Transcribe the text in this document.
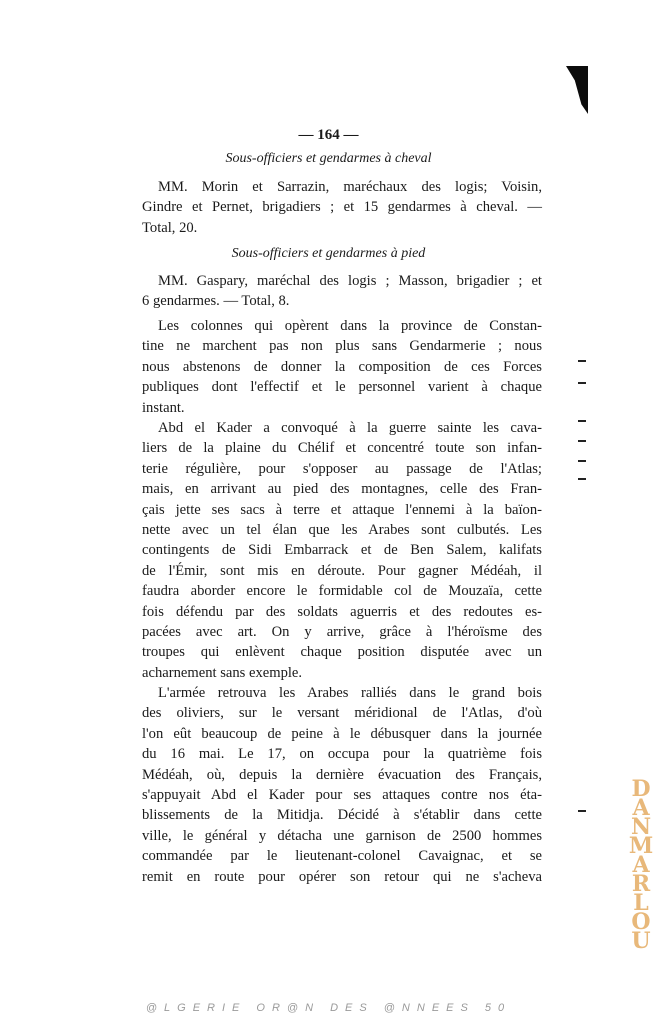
— 164 —
Sous-officiers et gendarmes à cheval
MM. Morin et Sarrazin, maréchaux des logis; Voisin,
Gindre et Pernet, brigadiers ; et 15 gendarmes à cheval. —
Total, 20.
Sous-officiers et gendarmes à pied
MM. Gaspary, maréchal des logis ; Masson, brigadier ; et
6 gendarmes. — Total, 8.
Les colonnes qui opèrent dans la province de Constan-
tine ne marchent pas non plus sans Gendarmerie ; nous
nous abstenons de donner la composition de ces Forces
publiques dont l'effectif et le personnel varient à chaque
instant.
Abd el Kader a convoqué à la guerre sainte les cava-
liers de la plaine du Chélif et concentré toute son infan-
terie régulière, pour s'opposer au passage de l'Atlas;
mais, en arrivant au pied des montagnes, celle des Fran-
çais jette ses sacs à terre et attaque l'ennemi à la baïon-
nette avec un tel élan que les Arabes sont culbutés. Les
contingents de Sidi Embarrack et de Ben Salem, kalifats
de l'Émir, sont mis en déroute. Pour gagner Médéah, il
faudra aborder encore le formidable col de Mouzaïa, cette
fois défendu par des soldats aguerris et des redoutes es-
pacées avec art. On y arrive, grâce à l'héroïsme des
troupes qui enlèvent chaque position disputée avec un
acharnement sans exemple.
L'armée retrouva les Arabes ralliés dans le grand bois
des oliviers, sur le versant méridional de l'Atlas, d'où
l'on eût beaucoup de peine à le débusquer dans la journée
du 16 mai. Le 17, on occupa pour la quatrième fois
Médéah, où, depuis la dernière évacuation des Français,
s'appuyait Abd el Kader pour ses attaques contre nos éta-
blissements de la Mitidja. Décidé à s'établir dans cette
ville, le général y détacha une garnison de 2500 hommes
commandée par le lieutenant-colonel Cavaignac, et se
remit en route pour opérer son retour qui ne s'acheva
D
A
N
M
A
R
L
O
U
@LGERIE OR@N DES @NNEES 50
